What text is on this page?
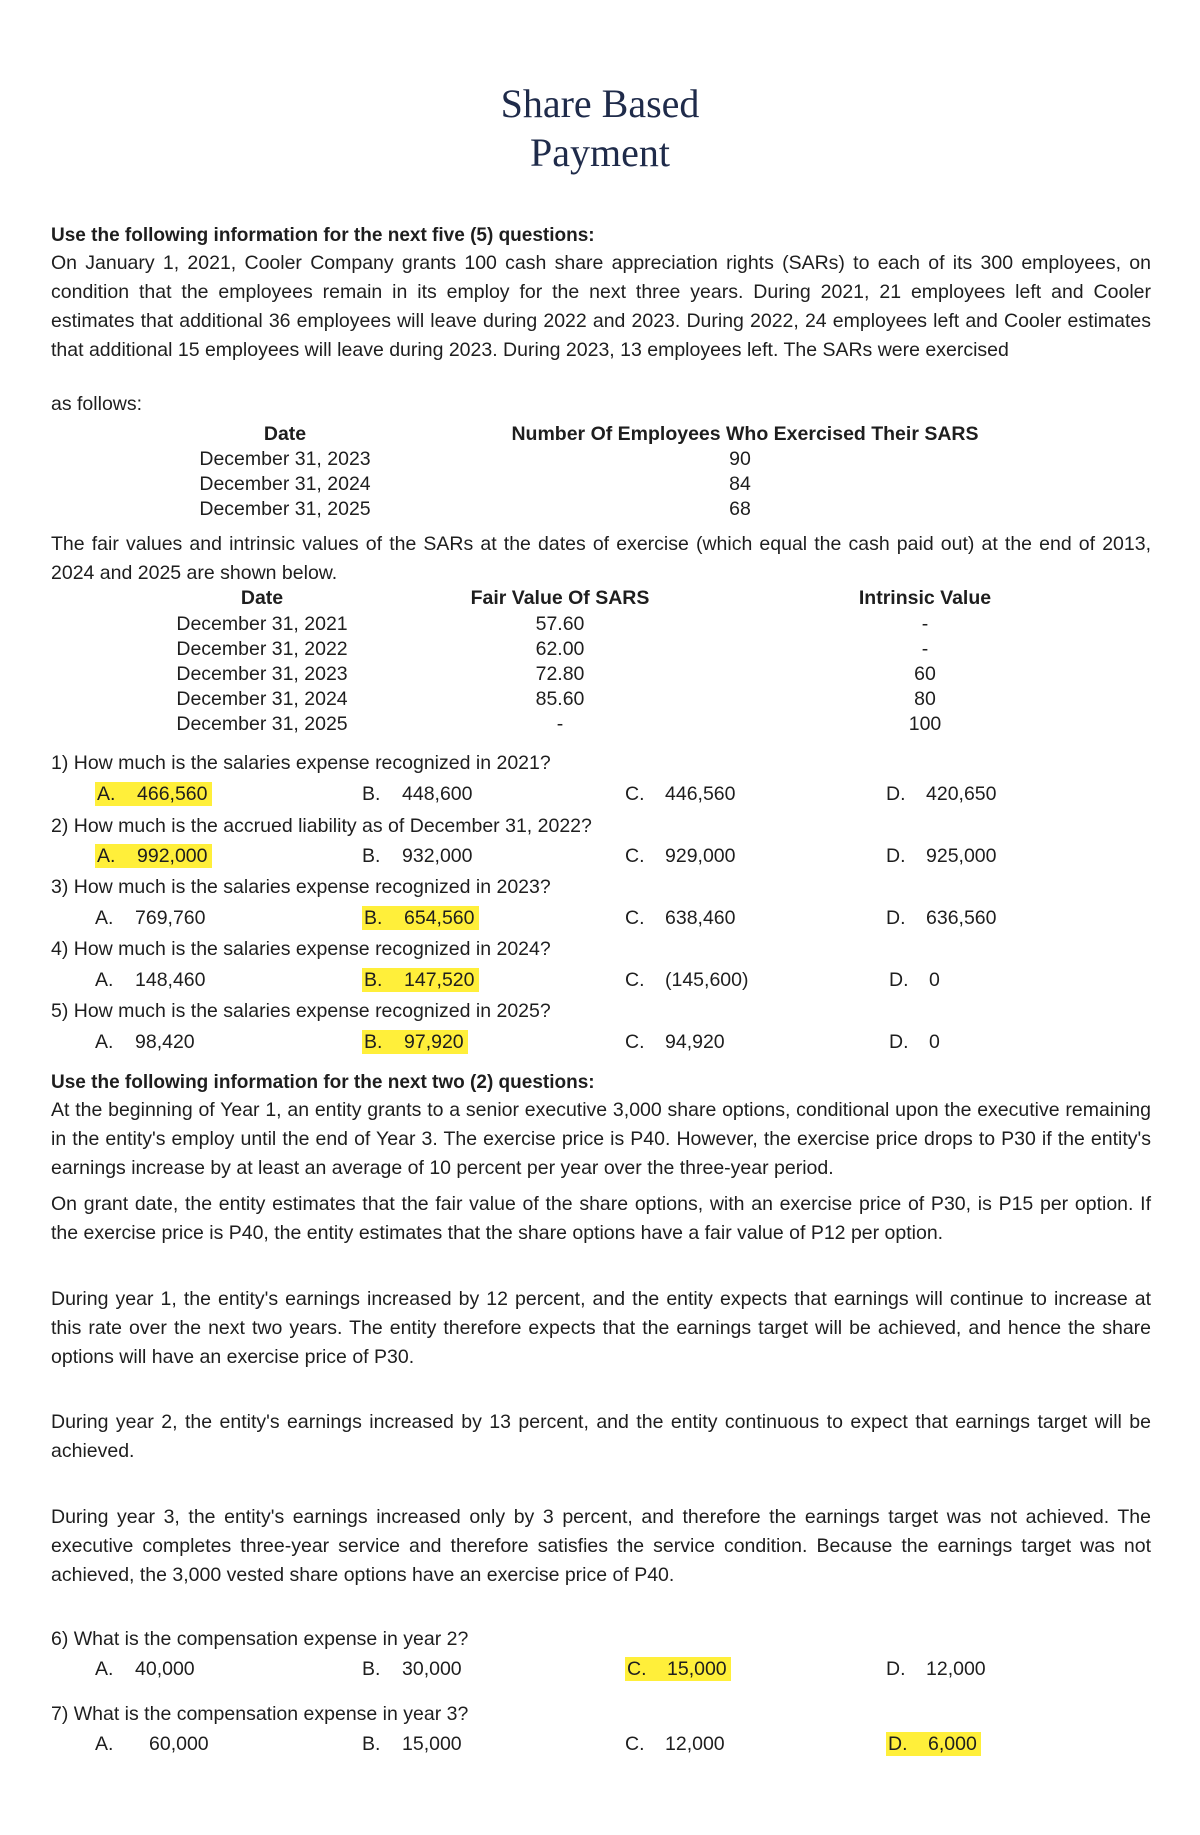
Share Based
Payment
Use the following information for the next five (5) questions:
On January 1, 2021, Cooler Company grants 100 cash share appreciation rights (SARs) to each of its 300 employees, on condition that the employees remain in its employ for the next three years. During 2021, 21 employees left and Cooler estimates that additional 36 employees will leave during 2022 and 2023. During 2022, 24 employees left and Cooler estimates that additional 15 employees will leave during 2023. During 2023, 13 employees left. The SARs were exercised
as follows:
Date	Number Of Employees Who Exercised Their SARS
December 31, 2023	90
December 31, 2024	84
December 31, 2025	68
The fair values and intrinsic values of the SARs at the dates of exercise (which equal the cash paid out) at the end of 2013, 2024 and 2025 are shown below.
Date	Fair Value Of SARS	Intrinsic Value
December 31, 2021	57.60	-
December 31, 2022	62.00	-
December 31, 2023	72.80	60
December 31, 2024	85.60	80
December 31, 2025	-	100
1) How much is the salaries expense recognized in 2021?
A. 466,560	B. 448,600	C. 446,560	D. 420,650
2) How much is the accrued liability as of December 31, 2022?
A. 992,000	B. 932,000	C. 929,000	D. 925,000
3) How much is the salaries expense recognized in 2023?
A. 769,760	B. 654,560	C. 638,460	D. 636,560
4) How much is the salaries expense recognized in 2024?
A. 148,460	B. 147,520	C. (145,600)	D. 0
5) How much is the salaries expense recognized in 2025?
A. 98,420	B. 97,920	C. 94,920	D. 0
Use the following information for the next two (2) questions:
At the beginning of Year 1, an entity grants to a senior executive 3,000 share options, conditional upon the executive remaining in the entity's employ until the end of Year 3. The exercise price is P40. However, the exercise price drops to P30 if the entity's earnings increase by at least an average of 10 percent per year over the three-year period.
On grant date, the entity estimates that the fair value of the share options, with an exercise price of P30, is P15 per option. If the exercise price is P40, the entity estimates that the share options have a fair value of P12 per option.
During year 1, the entity's earnings increased by 12 percent, and the entity expects that earnings will continue to increase at this rate over the next two years. The entity therefore expects that the earnings target will be achieved, and hence the share options will have an exercise price of P30.
During year 2, the entity's earnings increased by 13 percent, and the entity continuous to expect that earnings target will be achieved.
During year 3, the entity's earnings increased only by 3 percent, and therefore the earnings target was not achieved. The executive completes three-year service and therefore satisfies the service condition. Because the earnings target was not achieved, the 3,000 vested share options have an exercise price of P40.
6) What is the compensation expense in year 2?
A. 40,000	B. 30,000	C. 15,000	D. 12,000
7) What is the compensation expense in year 3?
A. 60,000	B. 15,000	C. 12,000	D. 6,000
